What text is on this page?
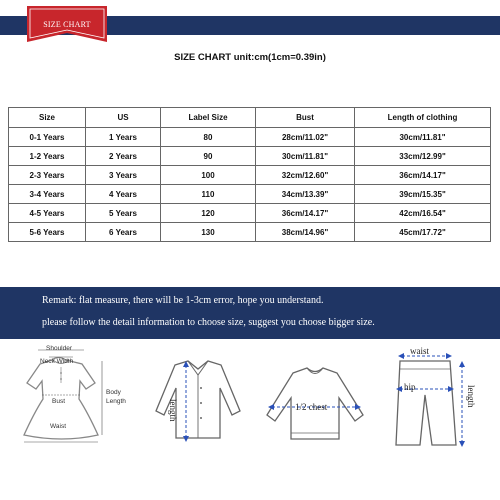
SIZE CHART
SIZE CHART unit:cm(1cm=0.39in)
Size	US	Label Size	Bust	Length of clothing
0-1 Years	1 Years	80	28cm/11.02"	30cm/11.81"
1-2 Years	2 Years	90	30cm/11.81"	33cm/12.99"
2-3 Years	3 Years	100	32cm/12.60"	36cm/14.17"
3-4 Years	4 Years	110	34cm/13.39"	39cm/15.35"
4-5 Years	5 Years	120	36cm/14.17"	42cm/16.54"
5-6 Years	6 Years	130	38cm/14.96"	45cm/17.72"
Remark: flat measure, there will be 1-3cm error, hope you understand.
please follow the detail information to choose size, suggest you choose bigger size.
Shoulder
Neck Width
Body
Length
Bust
Waist
length	1/2 chest
waist
hip	length
